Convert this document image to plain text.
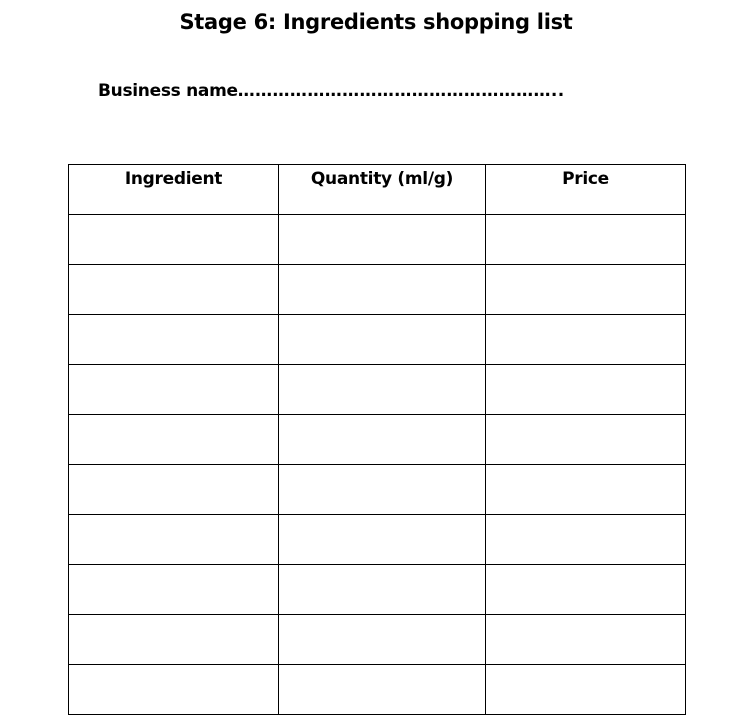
Stage 6: Ingredients shopping list
Business name………………………………………………..
Ingredient	Quantity (ml/g)	Price
